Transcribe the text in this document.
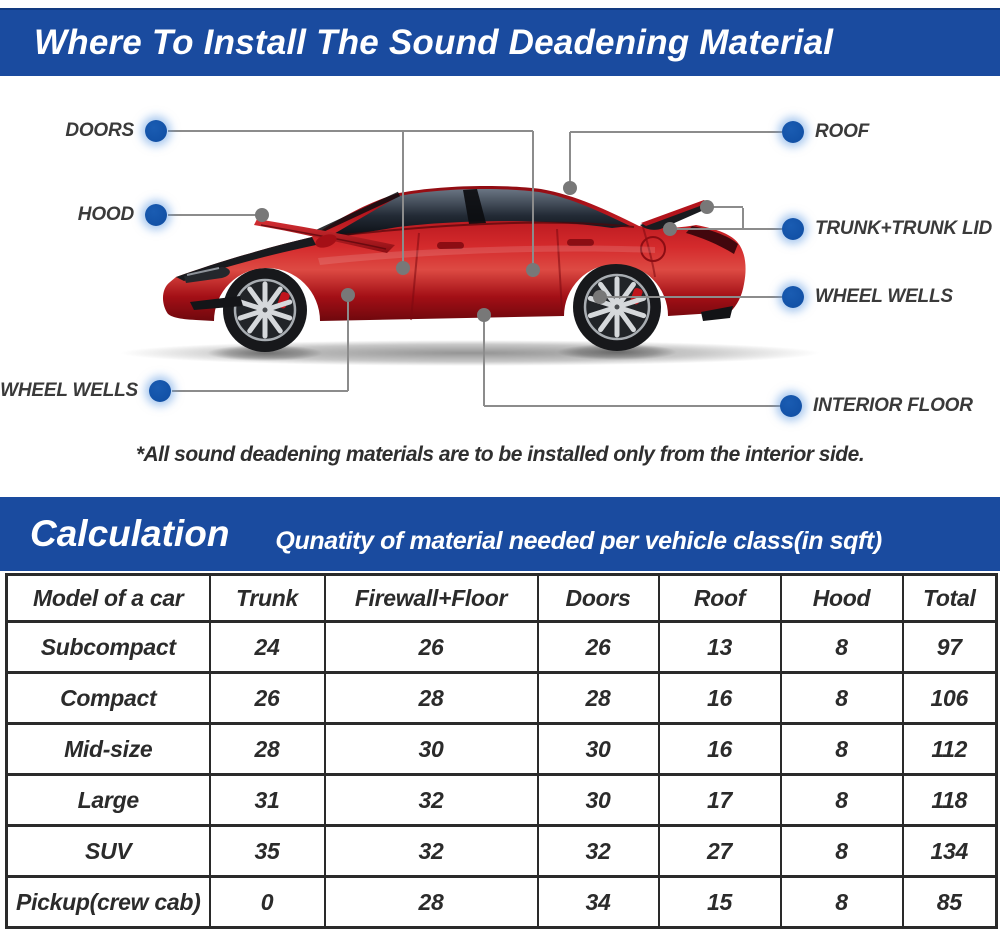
Where To Install The Sound Deadening Material
DOORS
HOOD
WHEEL WELLS
ROOF
TRUNK+TRUNK LID
WHEEL WELLS
INTERIOR FLOOR
*All sound deadening materials are to be installed only from the interior side.
Calculation Qunatity of material needed per vehicle class(in sqft)
Model of a car	Trunk	Firewall+Floor	Doors	Roof	Hood	Total
Subcompact	24	26	26	13	8	97
Compact	26	28	28	16	8	106
Mid-size	28	30	30	16	8	112
Large	31	32	30	17	8	118
SUV	35	32	32	27	8	134
Pickup(crew cab)	0	28	34	15	8	85
